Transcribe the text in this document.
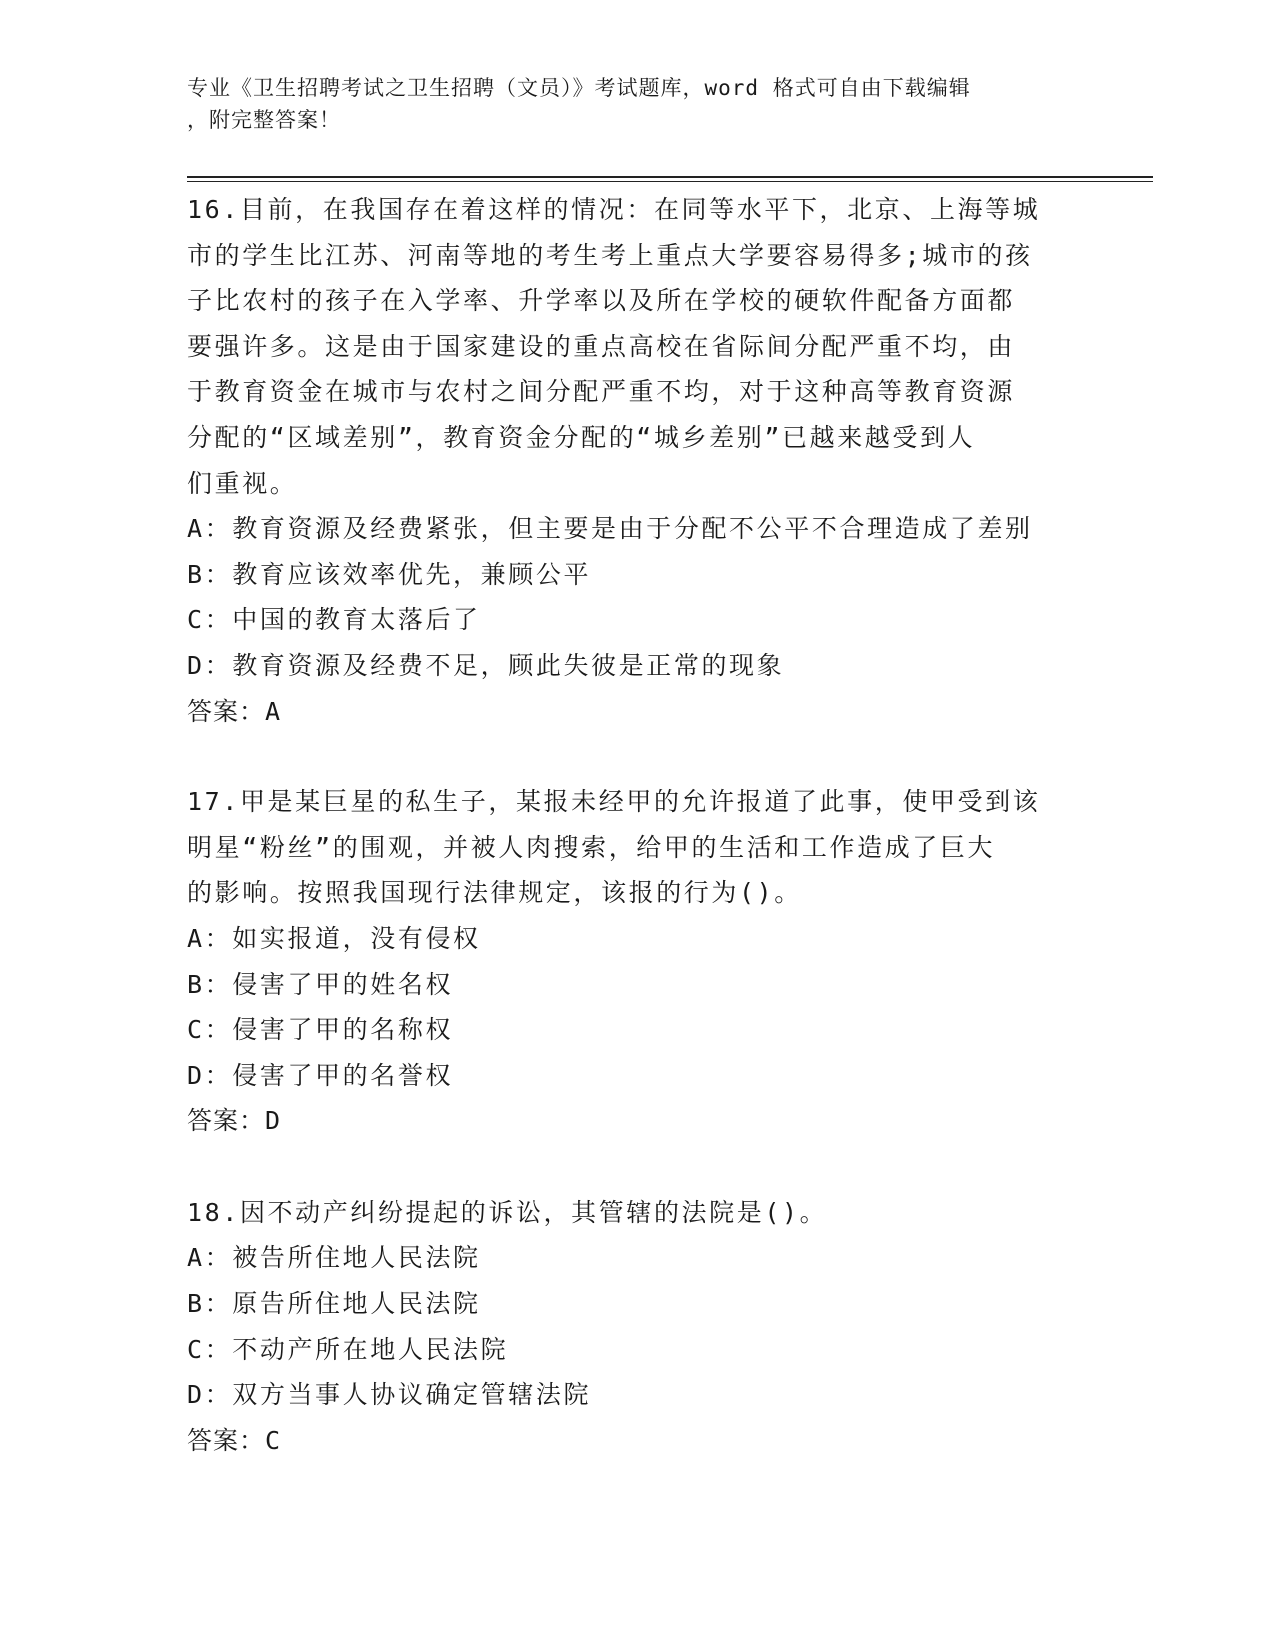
专业《卫生招聘考试之卫生招聘（文员）》考试题库，word 格式可自由下载编辑
，附完整答案！

16.目前，在我国存在着这样的情况：在同等水平下，北京、上海等城

市的学生比江苏、河南等地的考生考上重点大学要容易得多;城市的孩

子比农村的孩子在入学率、升学率以及所在学校的硬软件配备方面都

要强许多。这是由于国家建设的重点高校在省际间分配严重不均，由

于教育资金在城市与农村之间分配严重不均，对于这种高等教育资源

分配的“区域差别”，教育资金分配的“城乡差别”已越来越受到人

们重视。

A：教育资源及经费紧张，但主要是由于分配不公平不合理造成了差别

B：教育应该效率优先，兼顾公平

C：中国的教育太落后了

D：教育资源及经费不足，顾此失彼是正常的现象

答案：A

17.甲是某巨星的私生子，某报未经甲的允许报道了此事，使甲受到该

明星“粉丝”的围观，并被人肉搜索，给甲的生活和工作造成了巨大

的影响。按照我国现行法律规定，该报的行为()。

A：如实报道，没有侵权

B：侵害了甲的姓名权

C：侵害了甲的名称权

D：侵害了甲的名誉权

答案：D

18.因不动产纠纷提起的诉讼，其管辖的法院是()。

A：被告所住地人民法院

B：原告所住地人民法院

C：不动产所在地人民法院

D：双方当事人协议确定管辖法院

答案：C
